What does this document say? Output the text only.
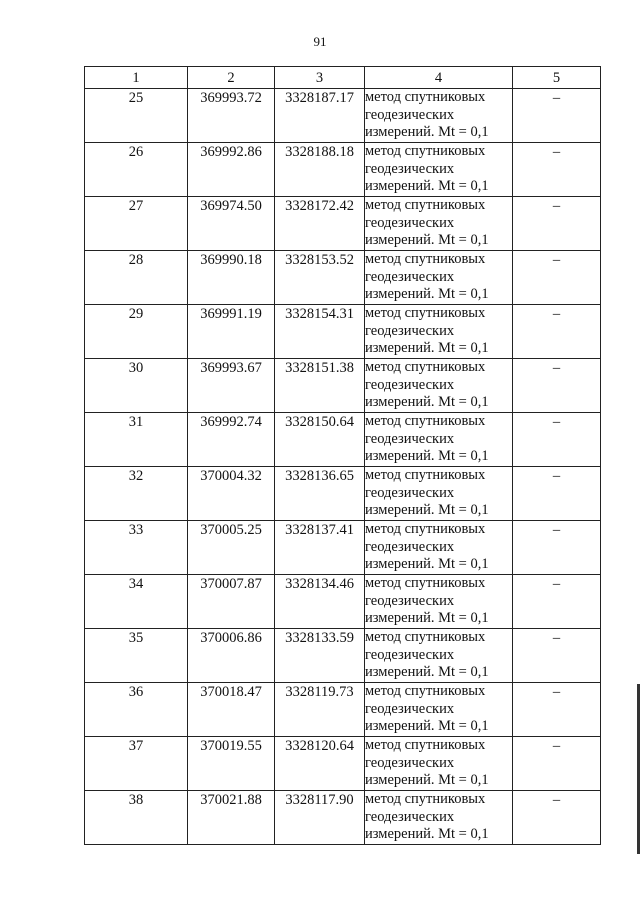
91
1	2	3	4	5
25	369993.72	3328187.17	метод спутниковых геодезических измерений. Mt = 0,1	–
26	369992.86	3328188.18	метод спутниковых геодезических измерений. Mt = 0,1	–
27	369974.50	3328172.42	метод спутниковых геодезических измерений. Mt = 0,1	–
28	369990.18	3328153.52	метод спутниковых геодезических измерений. Mt = 0,1	–
29	369991.19	3328154.31	метод спутниковых геодезических измерений. Mt = 0,1	–
30	369993.67	3328151.38	метод спутниковых геодезических измерений. Mt = 0,1	–
31	369992.74	3328150.64	метод спутниковых геодезических измерений. Mt = 0,1	–
32	370004.32	3328136.65	метод спутниковых геодезических измерений. Mt = 0,1	–
33	370005.25	3328137.41	метод спутниковых геодезических измерений. Mt = 0,1	–
34	370007.87	3328134.46	метод спутниковых геодезических измерений. Mt = 0,1	–
35	370006.86	3328133.59	метод спутниковых геодезических измерений. Mt = 0,1	–
36	370018.47	3328119.73	метод спутниковых геодезических измерений. Mt = 0,1	–
37	370019.55	3328120.64	метод спутниковых геодезических измерений. Mt = 0,1	–
38	370021.88	3328117.90	метод спутниковых геодезических измерений. Mt = 0,1	–
